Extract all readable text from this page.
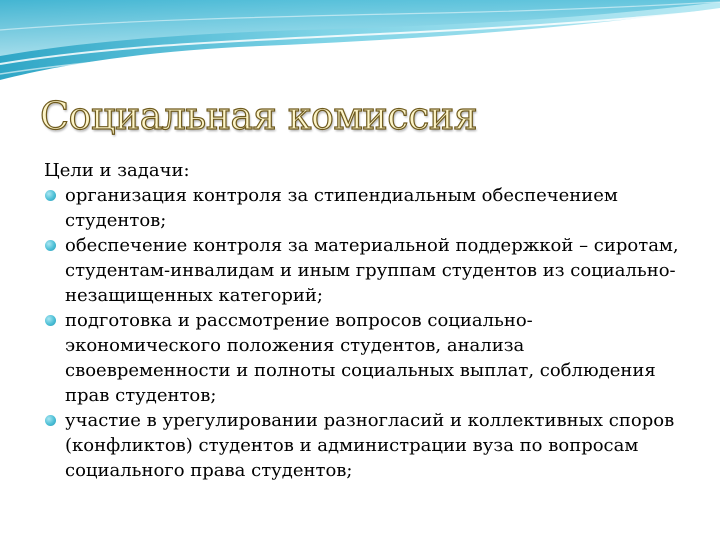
Социальная комиссия

Цели и задачи:

организация контроля за стипендиальным обеспечением студентов;
обеспечение контроля за материальной поддержкой – сиротам, студентам-инвалидам и иным группам студентов из социально-незащищенных категорий;
подготовка и рассмотрение вопросов социально-экономического положения студентов, анализа своевременности и полноты социальных выплат, соблюдения прав студентов;
участие в урегулировании разногласий и коллективных споров (конфликтов) студентов и администрации вуза по вопросам социального права студентов;
